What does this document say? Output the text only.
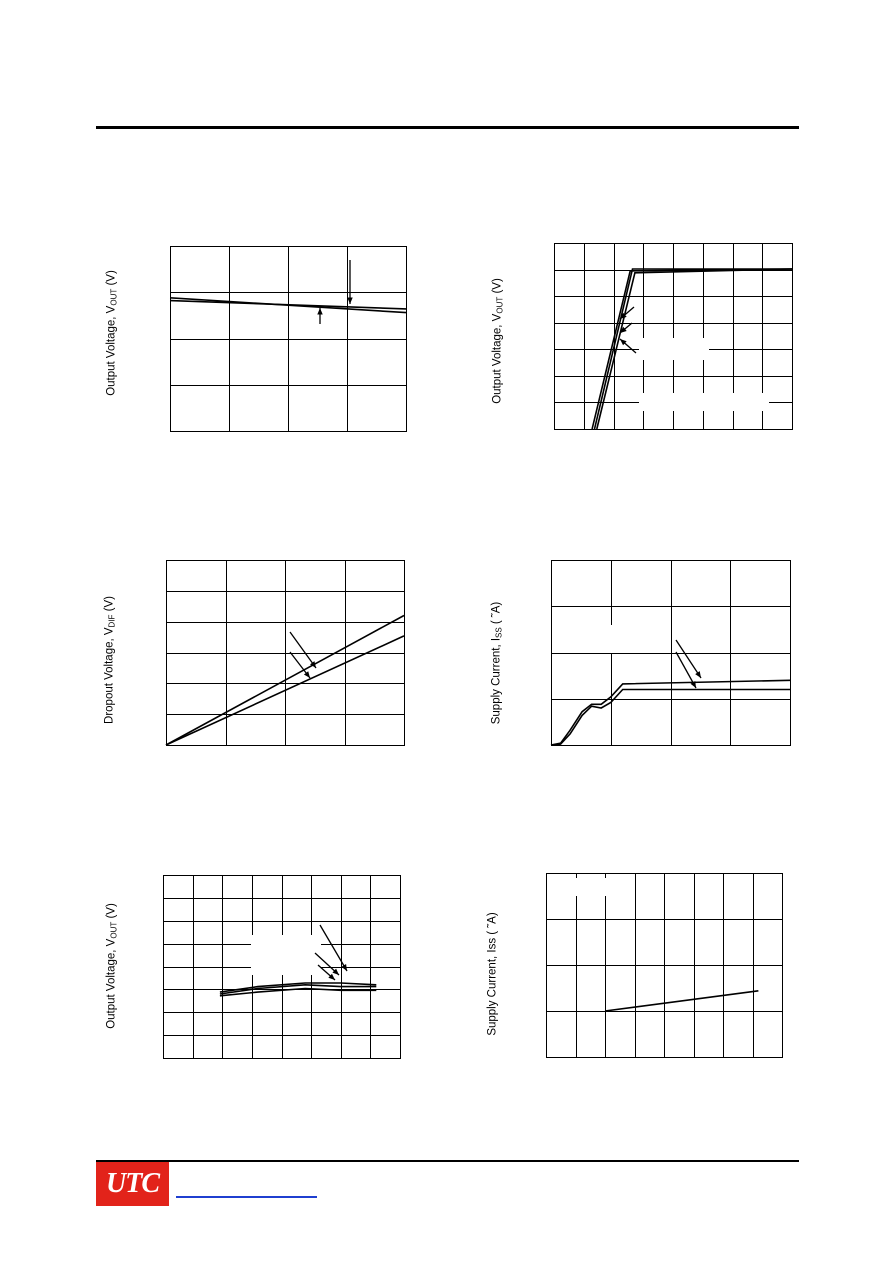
Output Voltage, $V_{OUT}$ (V)
Output Voltage, $V_{OUT}$ (V)
Dropout Voltage, $V_{DIF}$ (V)
Supply Current, $I_{SS}$ ( ˜A)
Output Voltage, $V_{OUT}$ (V)
Supply Current, Iss ( ˜A)
UTC
